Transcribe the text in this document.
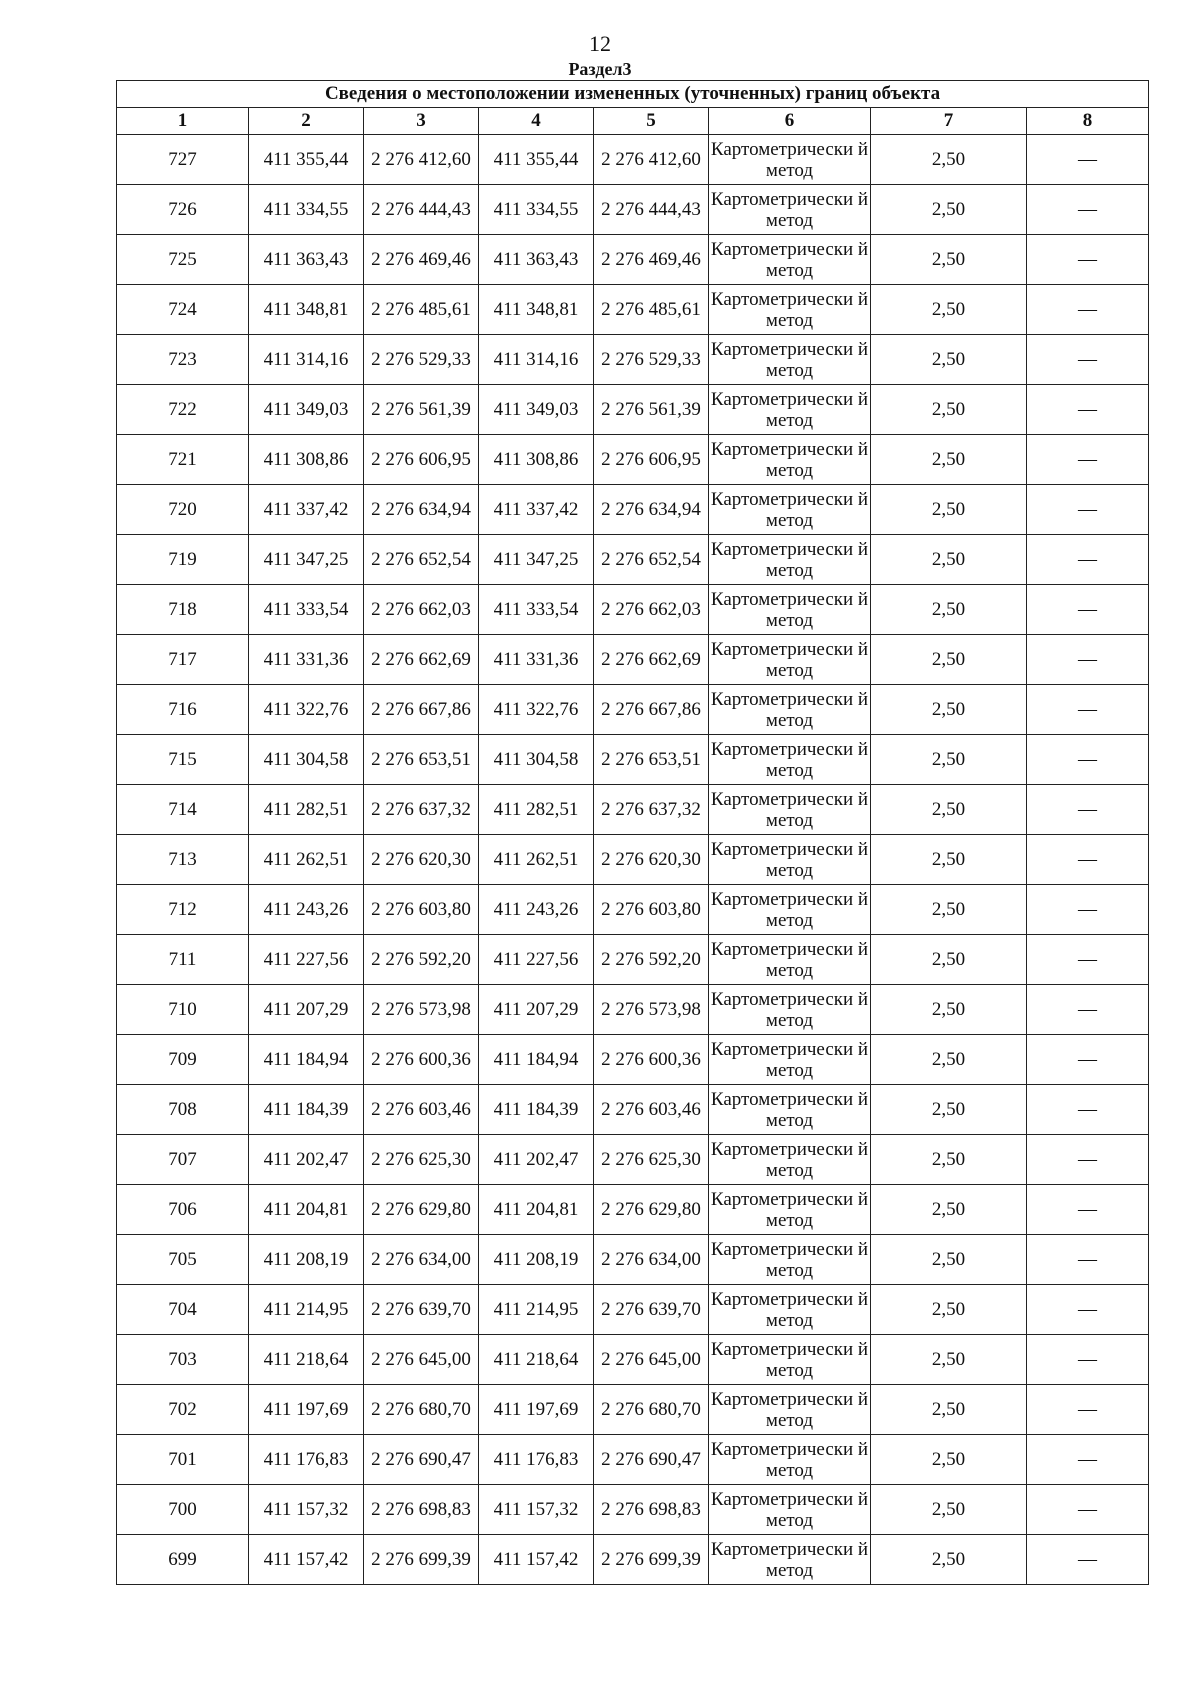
12
Раздел3
Сведения о местоположении измененных (уточненных) границ объекта							
1	2	3	4	5	6	7	8
727	411 355,44	2 276 412,60	411 355,44	2 276 412,60	Картометрически й метод	2,50	—
726	411 334,55	2 276 444,43	411 334,55	2 276 444,43	Картометрически й метод	2,50	—
725	411 363,43	2 276 469,46	411 363,43	2 276 469,46	Картометрически й метод	2,50	—
724	411 348,81	2 276 485,61	411 348,81	2 276 485,61	Картометрически й метод	2,50	—
723	411 314,16	2 276 529,33	411 314,16	2 276 529,33	Картометрически й метод	2,50	—
722	411 349,03	2 276 561,39	411 349,03	2 276 561,39	Картометрически й метод	2,50	—
721	411 308,86	2 276 606,95	411 308,86	2 276 606,95	Картометрически й метод	2,50	—
720	411 337,42	2 276 634,94	411 337,42	2 276 634,94	Картометрически й метод	2,50	—
719	411 347,25	2 276 652,54	411 347,25	2 276 652,54	Картометрически й метод	2,50	—
718	411 333,54	2 276 662,03	411 333,54	2 276 662,03	Картометрически й метод	2,50	—
717	411 331,36	2 276 662,69	411 331,36	2 276 662,69	Картометрически й метод	2,50	—
716	411 322,76	2 276 667,86	411 322,76	2 276 667,86	Картометрически й метод	2,50	—
715	411 304,58	2 276 653,51	411 304,58	2 276 653,51	Картометрически й метод	2,50	—
714	411 282,51	2 276 637,32	411 282,51	2 276 637,32	Картометрически й метод	2,50	—
713	411 262,51	2 276 620,30	411 262,51	2 276 620,30	Картометрически й метод	2,50	—
712	411 243,26	2 276 603,80	411 243,26	2 276 603,80	Картометрически й метод	2,50	—
711	411 227,56	2 276 592,20	411 227,56	2 276 592,20	Картометрически й метод	2,50	—
710	411 207,29	2 276 573,98	411 207,29	2 276 573,98	Картометрически й метод	2,50	—
709	411 184,94	2 276 600,36	411 184,94	2 276 600,36	Картометрически й метод	2,50	—
708	411 184,39	2 276 603,46	411 184,39	2 276 603,46	Картометрически й метод	2,50	—
707	411 202,47	2 276 625,30	411 202,47	2 276 625,30	Картометрически й метод	2,50	—
706	411 204,81	2 276 629,80	411 204,81	2 276 629,80	Картометрически й метод	2,50	—
705	411 208,19	2 276 634,00	411 208,19	2 276 634,00	Картометрически й метод	2,50	—
704	411 214,95	2 276 639,70	411 214,95	2 276 639,70	Картометрически й метод	2,50	—
703	411 218,64	2 276 645,00	411 218,64	2 276 645,00	Картометрически й метод	2,50	—
702	411 197,69	2 276 680,70	411 197,69	2 276 680,70	Картометрически й метод	2,50	—
701	411 176,83	2 276 690,47	411 176,83	2 276 690,47	Картометрически й метод	2,50	—
700	411 157,32	2 276 698,83	411 157,32	2 276 698,83	Картометрически й метод	2,50	—
699	411 157,42	2 276 699,39	411 157,42	2 276 699,39	Картометрически й метод	2,50	—
